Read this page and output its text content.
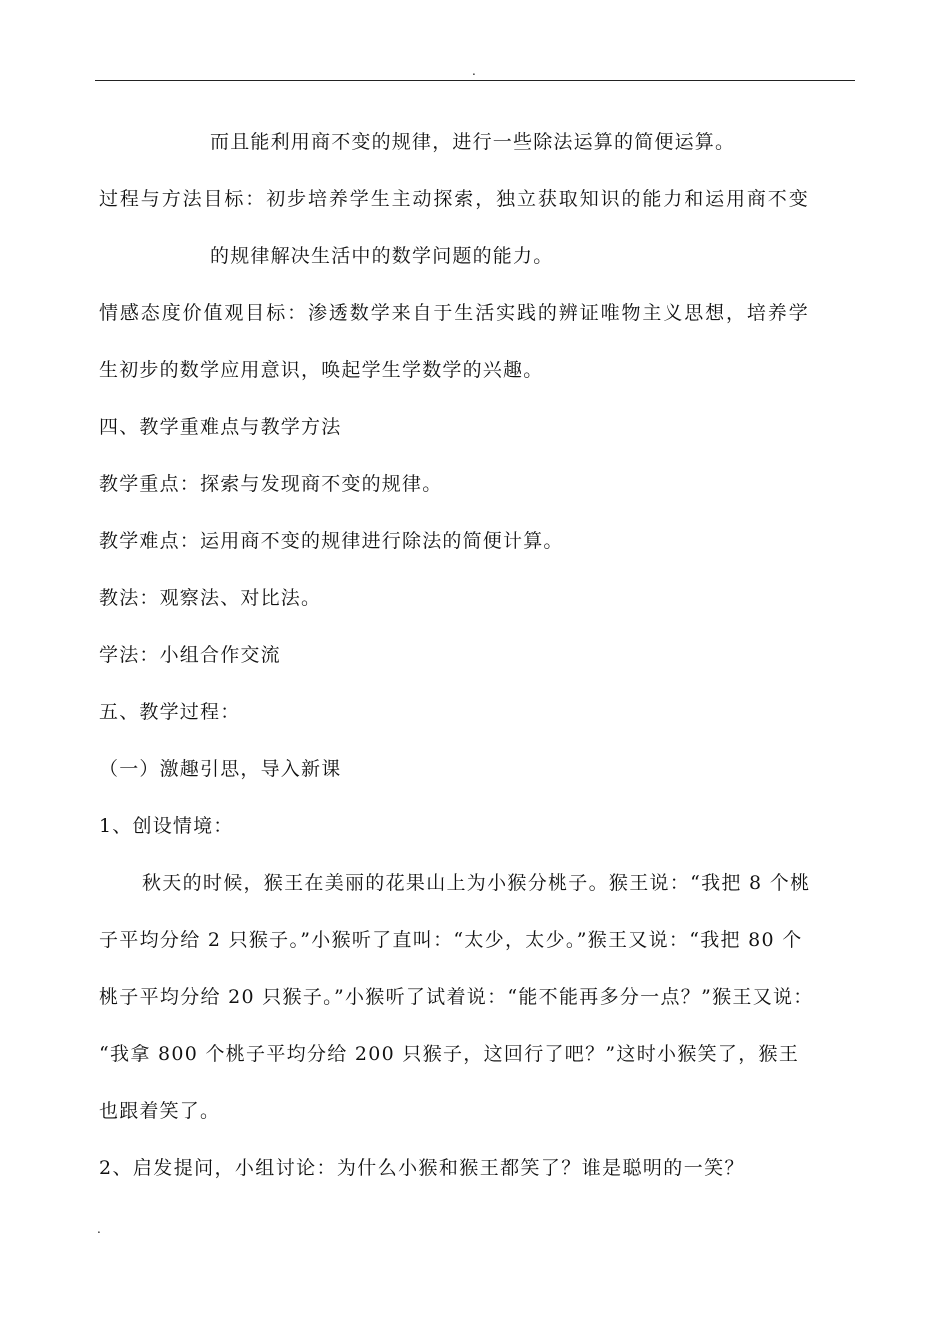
.
而且能利用商不变的规律，进行一些除法运算的简便运算。
过程与方法目标：初步培养学生主动探索，独立获取知识的能力和运用商不变
的规律解决生活中的数学问题的能力。
情感态度价值观目标：渗透数学来自于生活实践的辨证唯物主义思想，培养学
生初步的数学应用意识，唤起学生学数学的兴趣。
四、教学重难点与教学方法
教学重点：探索与发现商不变的规律。
教学难点：运用商不变的规律进行除法的简便计算。
教法：观察法、对比法。
学法：小组合作交流
五、教学过程：
（一）激趣引思，导入新课
1、创设情境：
秋天的时候，猴王在美丽的花果山上为小猴分桃子。猴王说：“我把 8 个桃
子平均分给 2 只猴子。”小猴听了直叫：“太少，太少。”猴王又说：“我把 80 个
桃子平均分给 20 只猴子。”小猴听了试着说：“能不能再多分一点？”猴王又说：
“我拿 800 个桃子平均分给 200 只猴子，这回行了吧？”这时小猴笑了，猴王
也跟着笑了。
2、启发提问，小组讨论：为什么小猴和猴王都笑了？谁是聪明的一笑？
.
